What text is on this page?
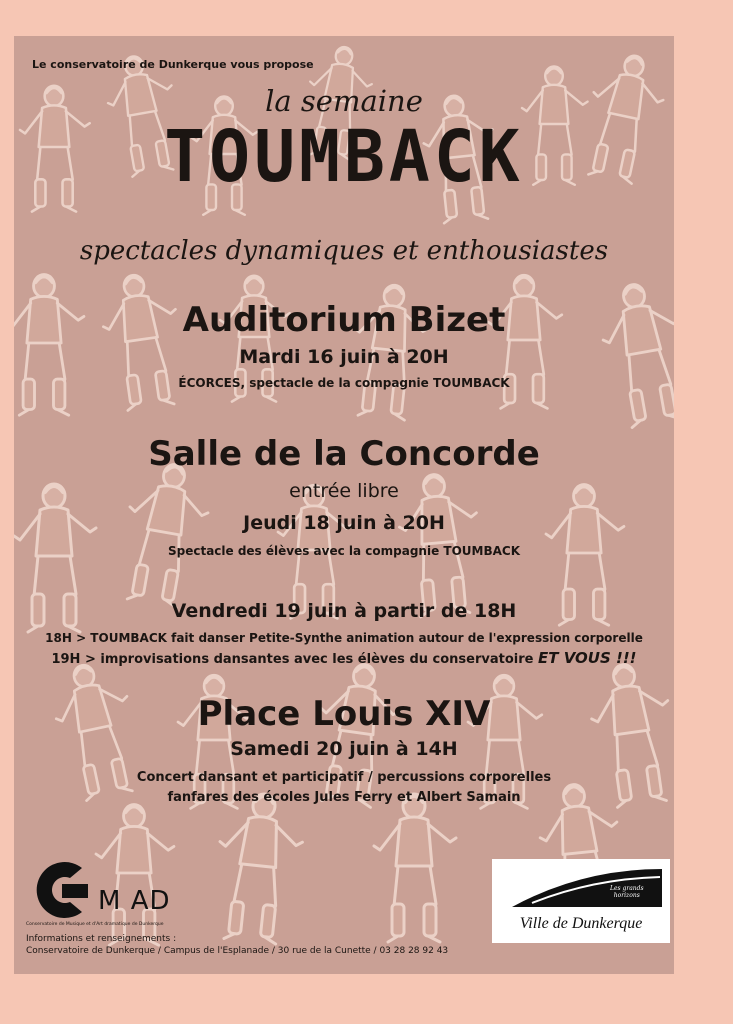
Le conservatoire de Dunkerque vous propose

la semaine

TOUMBACK

spectacles dynamiques et enthousiastes

Auditorium Bizet

Mardi 16 juin à 20H

ÉCORCES, spectacle de la compagnie TOUMBACK

Salle de la Concorde

entrée libre

Jeudi 18 juin à 20H

Spectacle des élèves avec la compagnie TOUMBACK

Vendredi 19 juin à partir de 18H

18H > TOUMBACK fait danser Petite-Synthe animation autour de l'expression corporelle

19H > improvisations dansantes avec les élèves du conservatoire ET VOUS !!!

Place Louis XIV

Samedi 20 juin à 14H

Concert dansant et participatif / percussions corporelles

fanfares des écoles Jules Ferry et Albert Samain

M AD
Conservatoire de Musique et d'Art dramatique de Dunkerque
Informations et renseignements :
Conservatoire de Dunkerque / Campus de l'Esplanade / 30 rue de la Cunette / 03 28 28 92 43
Les grands
horizons
Ville de Dunkerque
